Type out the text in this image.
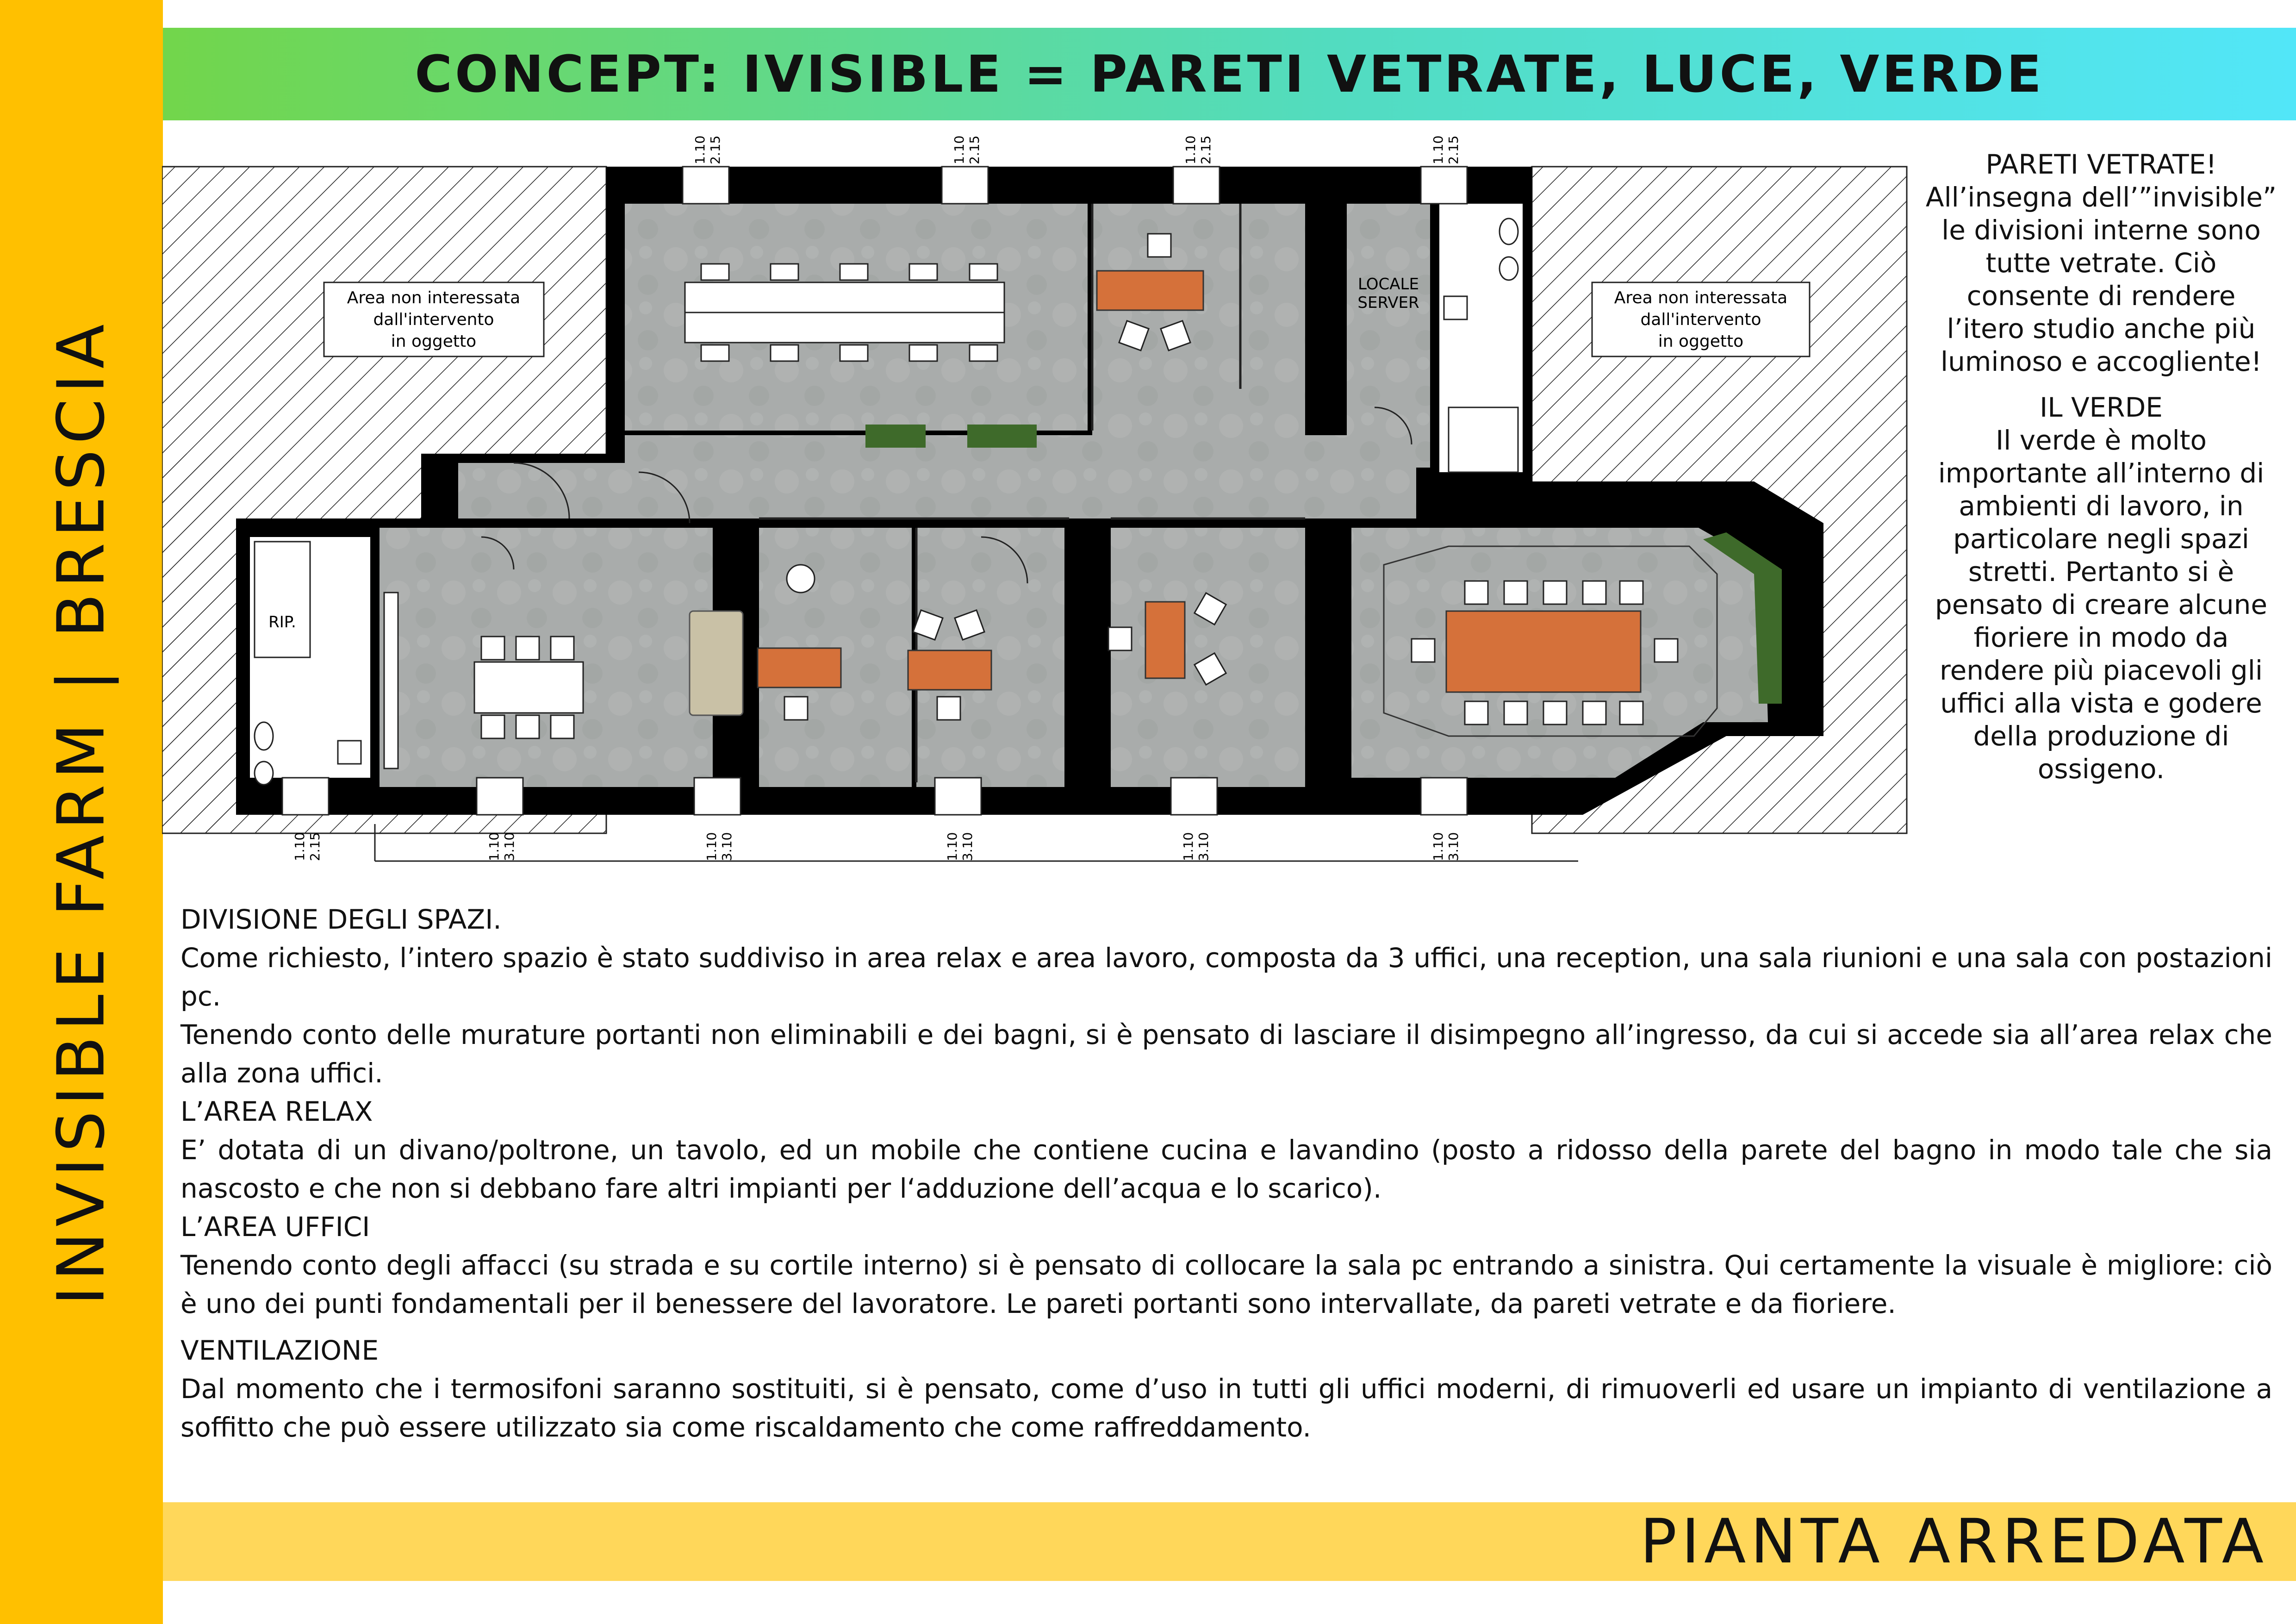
INVISIBLE FARM | BRESCIA
CONCEPT: IVISIBLE = PARETI VETRATE, LUCE, VERDE
Area non interessata
dall'intervento
in oggetto
Area non interessata
dall'intervento
in oggetto
LOCALE
SERVER
RIP.
1.10 2.15	1.10 2.15	1.10 2.15	1.10 2.15
1.10 2.15	1.10 3.10	1.10 3.10	1.10 3.10	1.10 3.10	1.10 3.10

PARETI VETRATE!
All’insegna dell’”invisible” le divisioni interne sono tutte vetrate. Ciò consente di rendere l’itero studio anche più luminoso e accogliente!

IL VERDE
Il verde è molto importante all’interno di ambienti di lavoro, in particolare negli spazi stretti. Pertanto si è pensato di creare alcune fioriere in modo da rendere più piacevoli gli uffici alla vista e godere della produzione di ossigeno.

DIVISIONE DEGLI SPAZI.

Come richiesto, l’intero spazio è stato suddiviso in area relax e area lavoro, composta da 3 uffici, una reception, una sala riunioni e una sala con postazioni pc.

Tenendo conto delle murature portanti non eliminabili e dei bagni, si è pensato di lasciare il disimpegno all’ingresso, da cui si accede sia all’area relax che alla zona uffici.

L’AREA RELAX

E’ dotata di un divano/poltrone, un tavolo, ed un mobile che contiene cucina e lavandino (posto a ridosso della parete del bagno in modo tale che sia nascosto e che non si debbano fare altri impianti per l‘adduzione dell’acqua e lo scarico).

L’AREA UFFICI

Tenendo conto degli affacci (su strada e su cortile interno) si è pensato di collocare la sala pc entrando a sinistra. Qui certamente la visuale è migliore: ciò è uno dei punti fondamentali per il benessere del lavoratore. Le pareti portanti sono intervallate, da pareti vetrate e da fioriere.

VENTILAZIONE

Dal momento che i termosifoni saranno sostituiti, si è pensato, come d’uso in tutti gli uffici moderni, di rimuoverli ed usare un impianto di ventilazione a soffitto che può essere utilizzato sia come riscaldamento che come raffreddamento.

PIANTA ARREDATA
